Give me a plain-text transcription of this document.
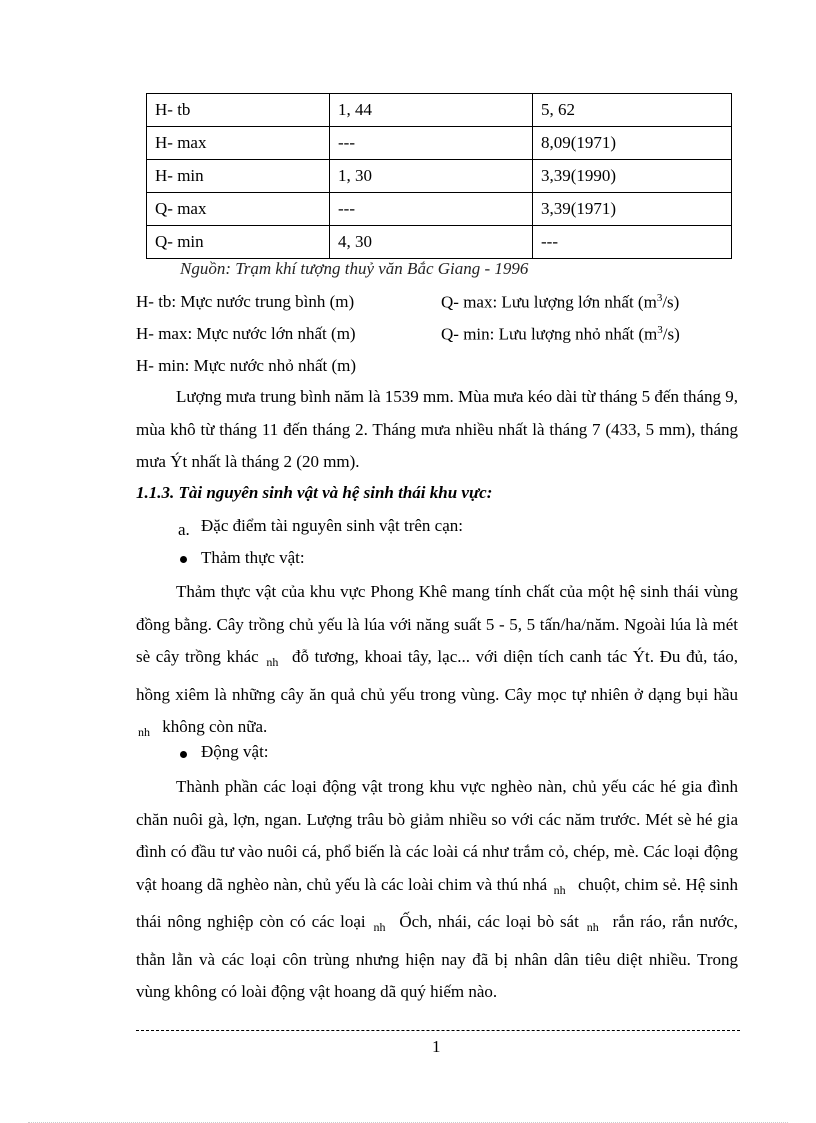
H- tb	1, 44	5, 62
H- max	---	8,09(1971)
H- min	1, 30	3,39(1990)
Q- max	---	3,39(1971)
Q- min	4, 30	---
Nguồn: Trạm khí tượng thuỷ văn Bắc Giang - 1996
H- tb: Mực nước trung bình (m)	Q- max: Lưu lượng lớn nhất $(m^3/s)$
H- max: Mực nước lớn nhất (m)	Q- min: Lưu lượng nhỏ nhất $(m^3/s)$
H- min: Mực nước nhỏ nhất (m)
Lượng mưa trung bình năm là 1539 mm. Mùa mưa kéo dài từ tháng 5 đến tháng 9, mùa khô từ tháng 11 đến tháng 2. Tháng mưa nhiều nhất là tháng 7 (433, 5 mm), tháng mưa Ýt nhất là tháng 2 (20 mm).
1.1.3. Tài nguyên sinh vật và hệ sinh thái khu vực:
a. Đặc điểm tài nguyên sinh vật trên cạn:
Thảm thực vật:
Thảm thực vật của khu vực Phong Khê mang tính chất của một hệ sinh thái vùng đồng bằng. Cây trồng chủ yếu là lúa với năng suất 5 - 5, 5 tấn/ha/năm. Ngoài lúa là mét sè cây trồng khác $_{nh}$ đỗ tương, khoai tây, lạc... với diện tích canh tác Ýt. Đu đủ, táo, hồng xiêm là những cây ăn quả chủ yếu trong vùng. Cây mọc tự nhiên ở dạng bụi hầu $_{nh}$ không còn nữa.
Động vật:
Thành phần các loại động vật trong khu vực nghèo nàn, chủ yếu các hé gia đình chăn nuôi gà, lợn, ngan. Lượng trâu bò giảm nhiều so với các năm trước. Mét sè hé gia đình có đầu tư vào nuôi cá, phổ biến là các loài cá như trắm cỏ, chép, mè. Các loại động vật hoang dã nghèo nàn, chủ yếu là các loài chim và thú nhá $_{nh}$ chuột, chim sẻ. Hệ sinh thái nông nghiệp còn có các loại $_{nh}$ Ốch, nhái, các loại bò sát $_{nh}$ rắn ráo, rắn nước, thằn lằn và các loại côn trùng nhưng hiện nay đã bị nhân dân tiêu diệt nhiều. Trong vùng không có loài động vật hoang dã quý hiếm nào.
1
